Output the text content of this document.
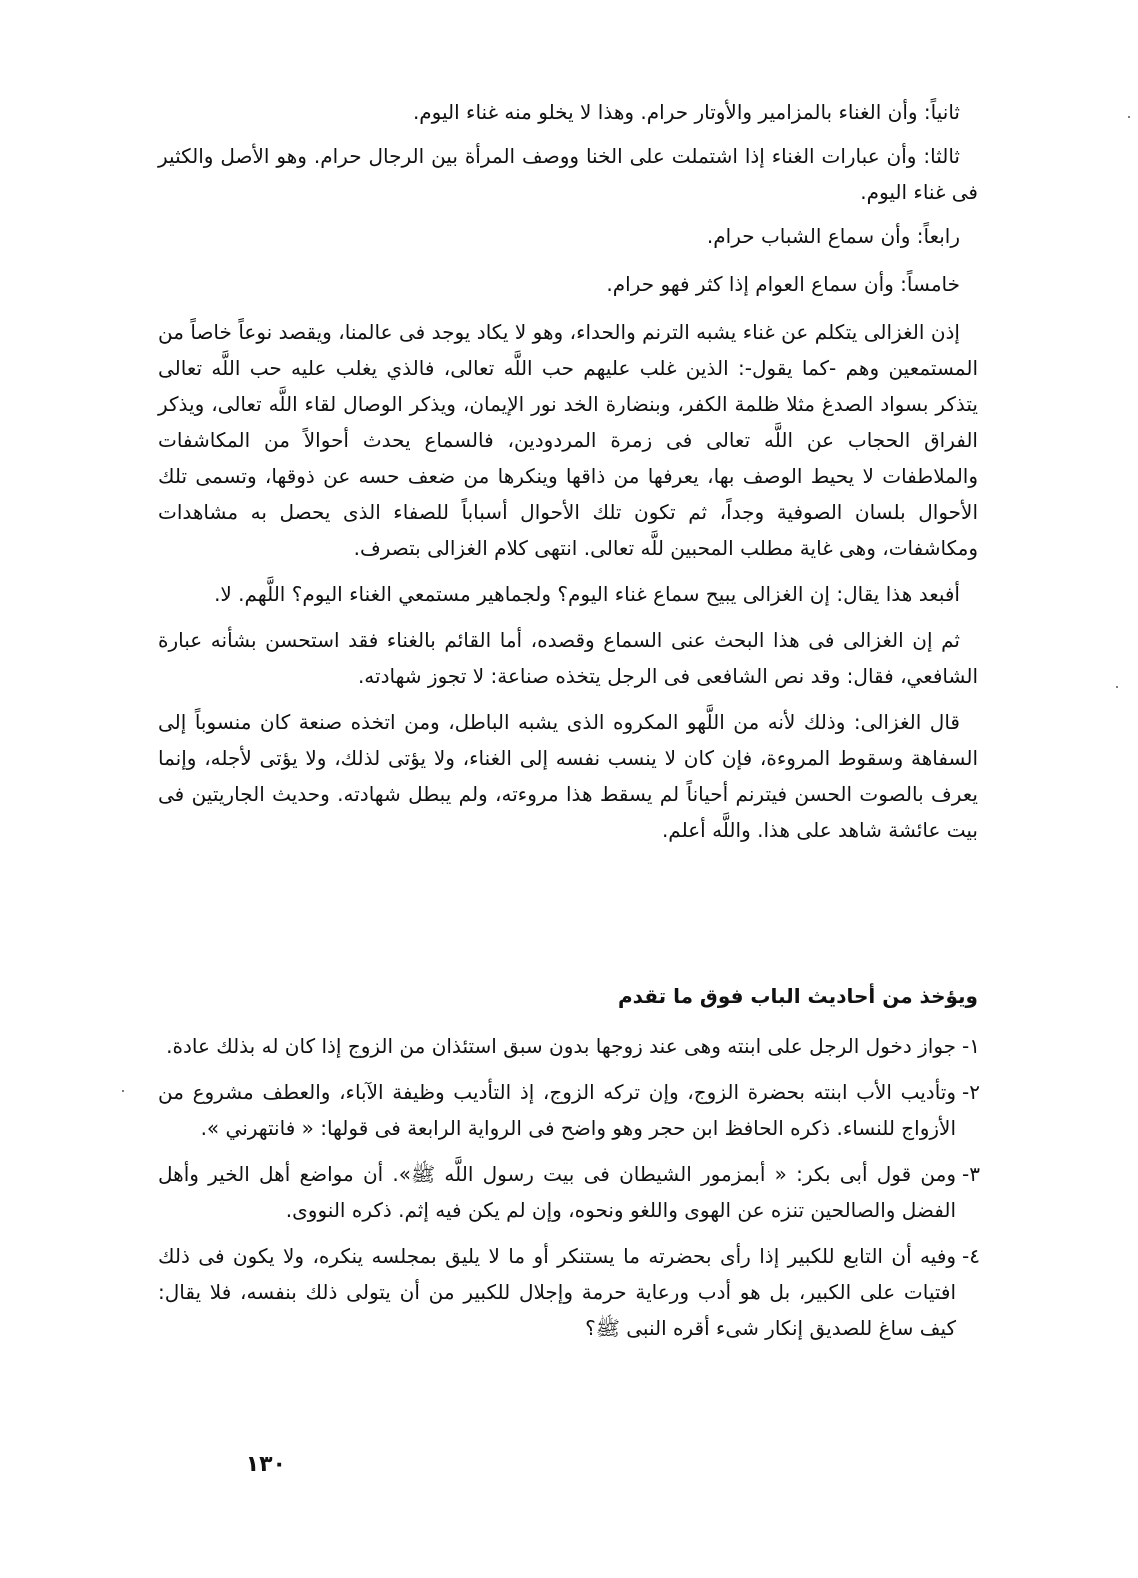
ثانياً: وأن الغناء بالمزامير والأوتار حرام. وهذا لا يخلو منه غناء اليوم.

ثالثا: وأن عبارات الغناء إذا اشتملت على الخنا ووصف المرأة بين الرجال حرام. وهو الأصل والكثير فى غناء اليوم.

رابعاً: وأن سماع الشباب حرام.

خامساً: وأن سماع العوام إذا كثر فهو حرام.

إذن الغزالى يتكلم عن غناء يشبه الترنم والحداء، وهو لا يكاد يوجد فى عالمنا، ويقصد نوعاً خاصاً من المستمعين وهم -كما يقول-: الذين غلب عليهم حب اللَّه تعالى، فالذي يغلب عليه حب اللَّه تعالى يتذكر بسواد الصدغ مثلا ظلمة الكفر، وبنضارة الخد نور الإيمان، ويذكر الوصال لقاء اللَّه تعالى، ويذكر الفراق الحجاب عن اللَّه تعالى فى زمرة المردودين، فالسماع يحدث أحوالاً من المكاشفات والملاطفات لا يحيط الوصف بها، يعرفها من ذاقها وينكرها من ضعف حسه عن ذوقها، وتسمى تلك الأحوال بلسان الصوفية وجداً، ثم تكون تلك الأحوال أسباباً للصفاء الذى يحصل به مشاهدات ومكاشفات، وهى غاية مطلب المحبين للَّه تعالى. انتهى كلام الغزالى بتصرف.

أفبعد هذا يقال: إن الغزالى يبيح سماع غناء اليوم؟ ولجماهير مستمعي الغناء اليوم؟ اللَّهم. لا.

ثم إن الغزالى فى هذا البحث عنى السماع وقصده، أما القائم بالغناء فقد استحسن بشأنه عبارة الشافعي، فقال: وقد نص الشافعى فى الرجل يتخذه صناعة: لا تجوز شهادته.

قال الغزالى: وذلك لأنه من اللَّهو المكروه الذى يشبه الباطل، ومن اتخذه صنعة كان منسوباً إلى السفاهة وسقوط المروءة، فإن كان لا ينسب نفسه إلى الغناء، ولا يؤتى لذلك، ولا يؤتى لأجله، وإنما يعرف بالصوت الحسن فيترنم أحياناً لم يسقط هذا مروءته، ولم يبطل شهادته. وحديث الجاريتين فى بيت عائشة شاهد على هذا. واللَّه أعلم.

ويؤخذ من أحاديث الباب فوق ما تقدم
١-
جواز دخول الرجل على ابنته وهى عند زوجها بدون سبق استئذان من الزوج إذا كان له بذلك عادة.
٢-
وتأديب الأب ابنته بحضرة الزوج، وإن تركه الزوج، إذ التأديب وظيفة الآباء، والعطف مشروع من الأزواج للنساء. ذكره الحافظ ابن حجر وهو واضح فى الرواية الرابعة فى قولها: « فانتهرني ».
٣-
ومن قول أبى بكر: « أبمزمور الشيطان فى بيت رسول اللَّه ﷺ». أن مواضع أهل الخير وأهل الفضل والصالحين تنزه عن الهوى واللغو ونحوه، وإن لم يكن فيه إثم. ذكره النووى.
٤-
وفيه أن التابع للكبير إذا رأى بحضرته ما يستنكر أو ما لا يليق بمجلسه ينكره، ولا يكون فى ذلك افتيات على الكبير، بل هو أدب ورعاية حرمة وإجلال للكبير من أن يتولى ذلك بنفسه، فلا يقال: كيف ساغ للصديق إنكار شىء أقره النبى ﷺ؟
١٣٠
